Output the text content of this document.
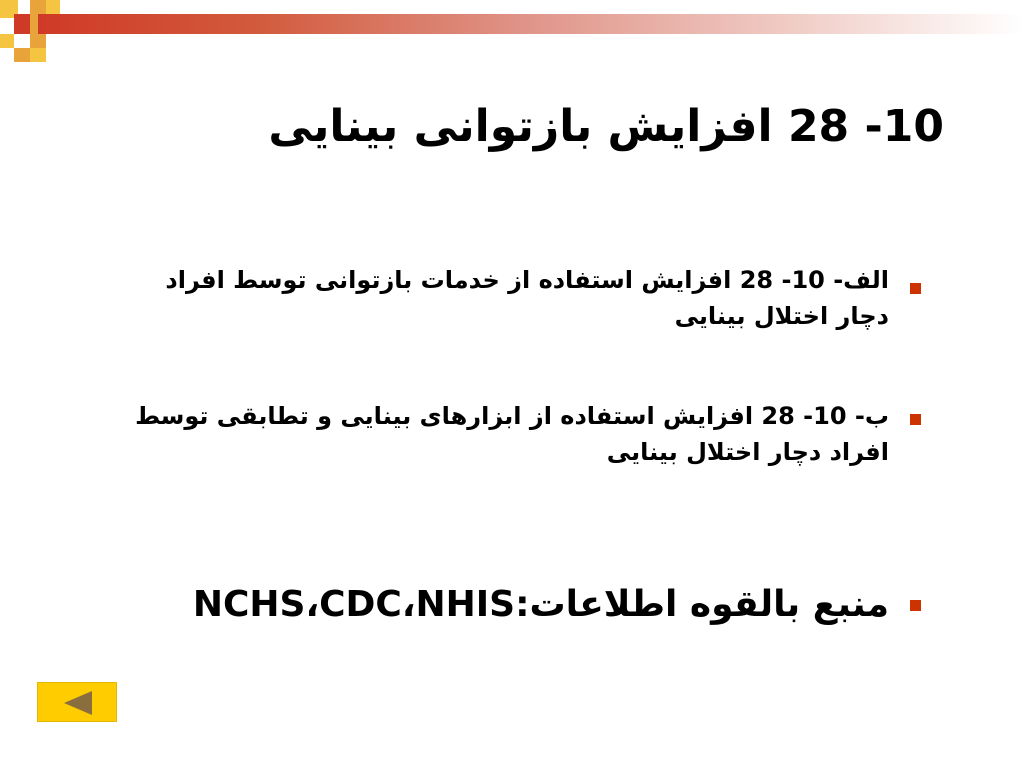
10- 28 افزایش بازتوانی بینایی
الف- 10- 28 افزایش استفاده از خدمات بازتوانی توسط افراد دچار اختلال بینایی
ب- 10- 28 افزایش استفاده از ابزارهای بینایی و تطابقی توسط افراد دچار اختلال بینایی
منبع بالقوه اطلاعات:NCHS،CDC،NHIS
